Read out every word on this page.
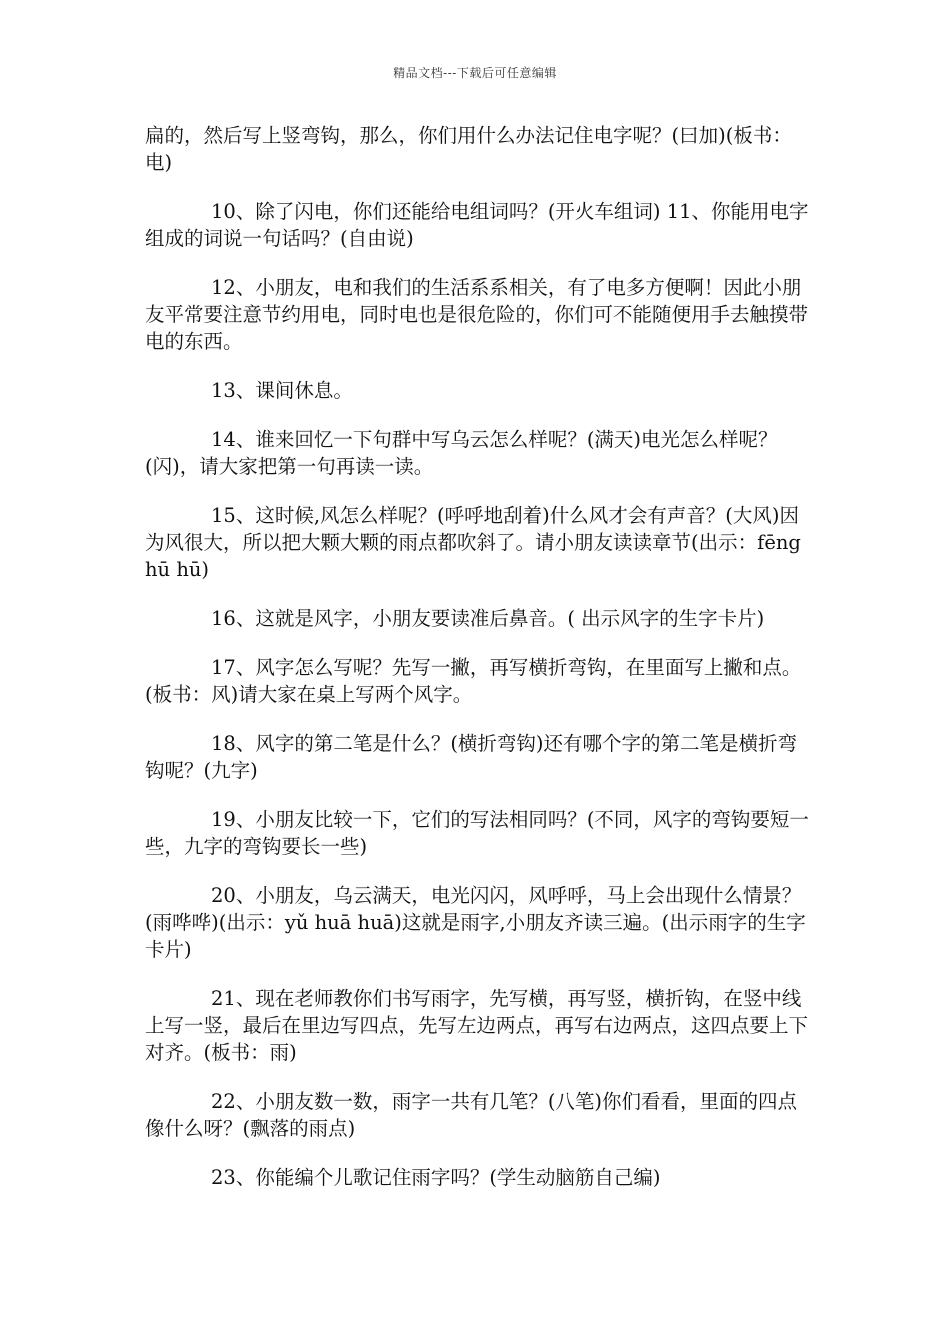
精品文档---下载后可任意编辑

扁的，然后写上竖弯钩，那么，你们用什么办法记住电字呢？(曰加)(板书：电)

10、除了闪电，你们还能给电组词吗？(开火车组词) 11、你能用电字组成的词说一句话吗？(自由说)

12、小朋友，电和我们的生活系系相关，有了电多方便啊！因此小朋友平常要注意节约用电，同时电也是很危险的，你们可不能随便用手去触摸带电的东西。

13、课间休息。

14、谁来回忆一下句群中写乌云怎么样呢？(满天)电光怎么样呢？(闪)，请大家把第一句再读一读。

15、这时候,风怎么样呢？(呼呼地刮着)什么风才会有声音？(大风)因为风很大，所以把大颗大颗的雨点都吹斜了。请小朋友读读章节(出示：fēng hū hū)

16、这就是风字，小朋友要读准后鼻音。( 出示风字的生字卡片)

17、风字怎么写呢？先写一撇，再写横折弯钩，在里面写上撇和点。(板书：风)请大家在桌上写两个风字。

18、风字的第二笔是什么？(横折弯钩)还有哪个字的第二笔是横折弯钩呢？(九字)

19、小朋友比较一下，它们的写法相同吗？(不同，风字的弯钩要短一些，九字的弯钩要长一些)

20、小朋友，乌云满天，电光闪闪，风呼呼，马上会出现什么情景？(雨哗哗)(出示：yǔ huā huā)这就是雨字,小朋友齐读三遍。(出示雨字的生字卡片)

21、现在老师教你们书写雨字，先写横，再写竖，横折钩，在竖中线上写一竖，最后在里边写四点，先写左边两点，再写右边两点，这四点要上下对齐。(板书：雨)

22、小朋友数一数，雨字一共有几笔？(八笔)你们看看，里面的四点像什么呀？(飘落的雨点)

23、你能编个儿歌记住雨字吗？(学生动脑筋自己编)
